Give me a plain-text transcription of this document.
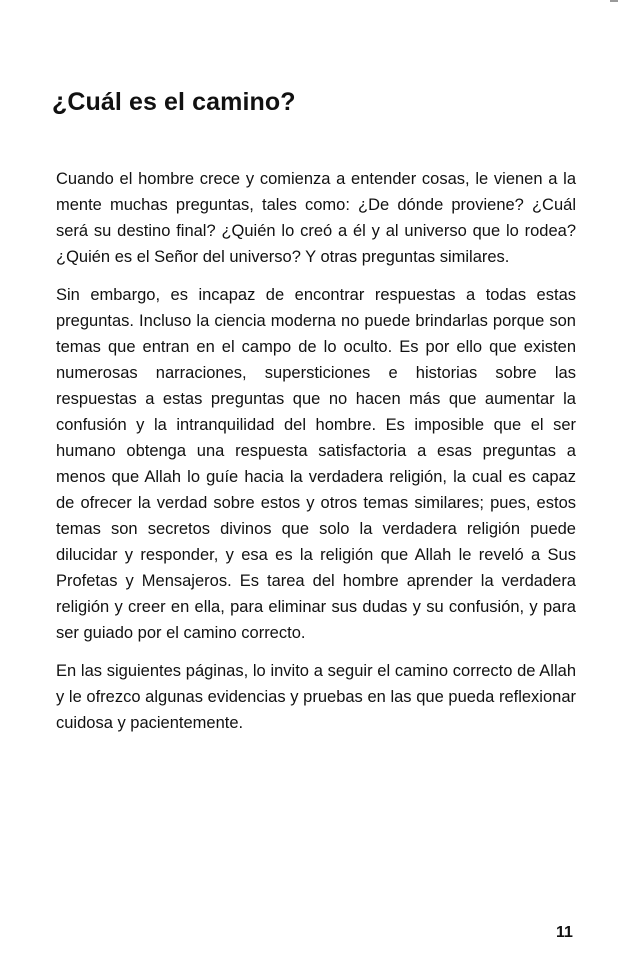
¿Cuál es el camino?

Cuando el hombre crece y comienza a entender cosas, le vienen a la mente muchas preguntas, tales como: ¿De dónde proviene? ¿Cuál será su destino final? ¿Quién lo creó a él y al universo que lo rodea? ¿Quién es el Señor del universo? Y otras preguntas similares.

Sin embargo, es incapaz de encontrar respuestas a todas estas preguntas. Incluso la ciencia moderna no puede brindarlas porque son temas que entran en el campo de lo oculto. Es por ello que existen numerosas narraciones, supersticiones e historias sobre las respuestas a estas preguntas que no hacen más que aumentar la confusión y la intranquilidad del hombre. Es imposible que el ser humano obtenga una respuesta satisfactoria a esas preguntas a menos que Allah lo guíe hacia la verdadera religión, la cual es capaz de ofrecer la verdad sobre estos y otros temas similares; pues, estos temas son secretos divinos que solo la verdadera religión puede dilucidar y responder, y esa es la religión que Allah le reveló a Sus Profetas y Mensajeros. Es tarea del hombre aprender la verdadera religión y creer en ella, para eliminar sus dudas y su confusión, y para ser guiado por el camino correcto.

En las siguientes páginas, lo invito a seguir el camino correcto de Allah y le ofrezco algunas evidencias y pruebas en las que pueda reflexionar cuidosa y pacientemente.

11
